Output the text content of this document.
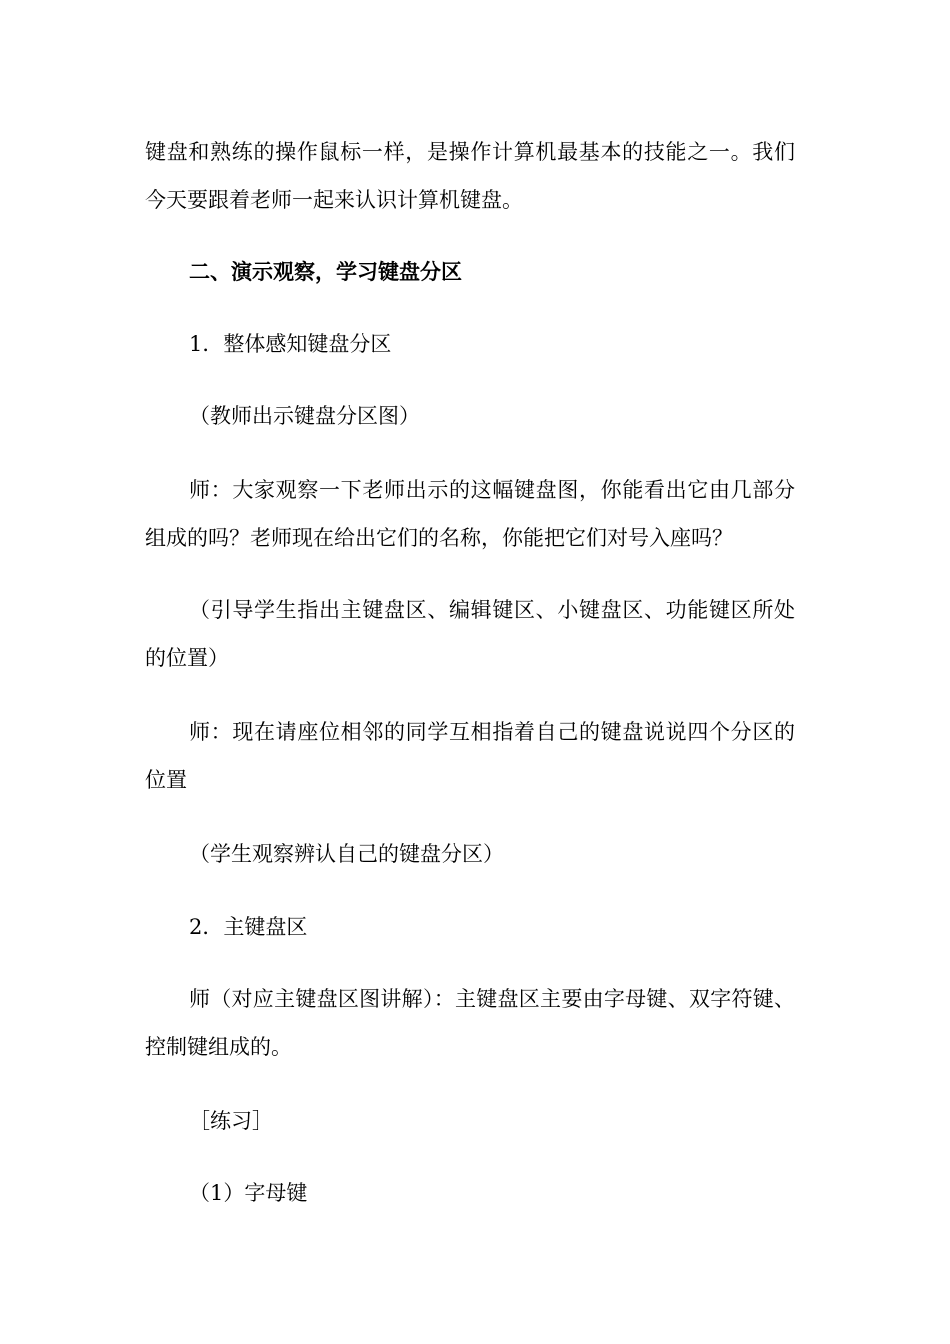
键盘和熟练的操作鼠标一样，是操作计算机最基本的技能之一。我们今天要跟着老师一起来认识计算机键盘。

二、演示观察，学习键盘分区

1．整体感知键盘分区

（教师出示键盘分区图）

师：大家观察一下老师出示的这幅键盘图，你能看出它由几部分组成的吗？老师现在给出它们的名称，你能把它们对号入座吗？

（引导学生指出主键盘区、编辑键区、小键盘区、功能键区所处的位置）

师：现在请座位相邻的同学互相指着自己的键盘说说四个分区的位置

（学生观察辨认自己的键盘分区）

2．主键盘区

师（对应主键盘区图讲解）：主键盘区主要由字母键、双字符键、控制键组成的。

［练习］

（1）字母键
